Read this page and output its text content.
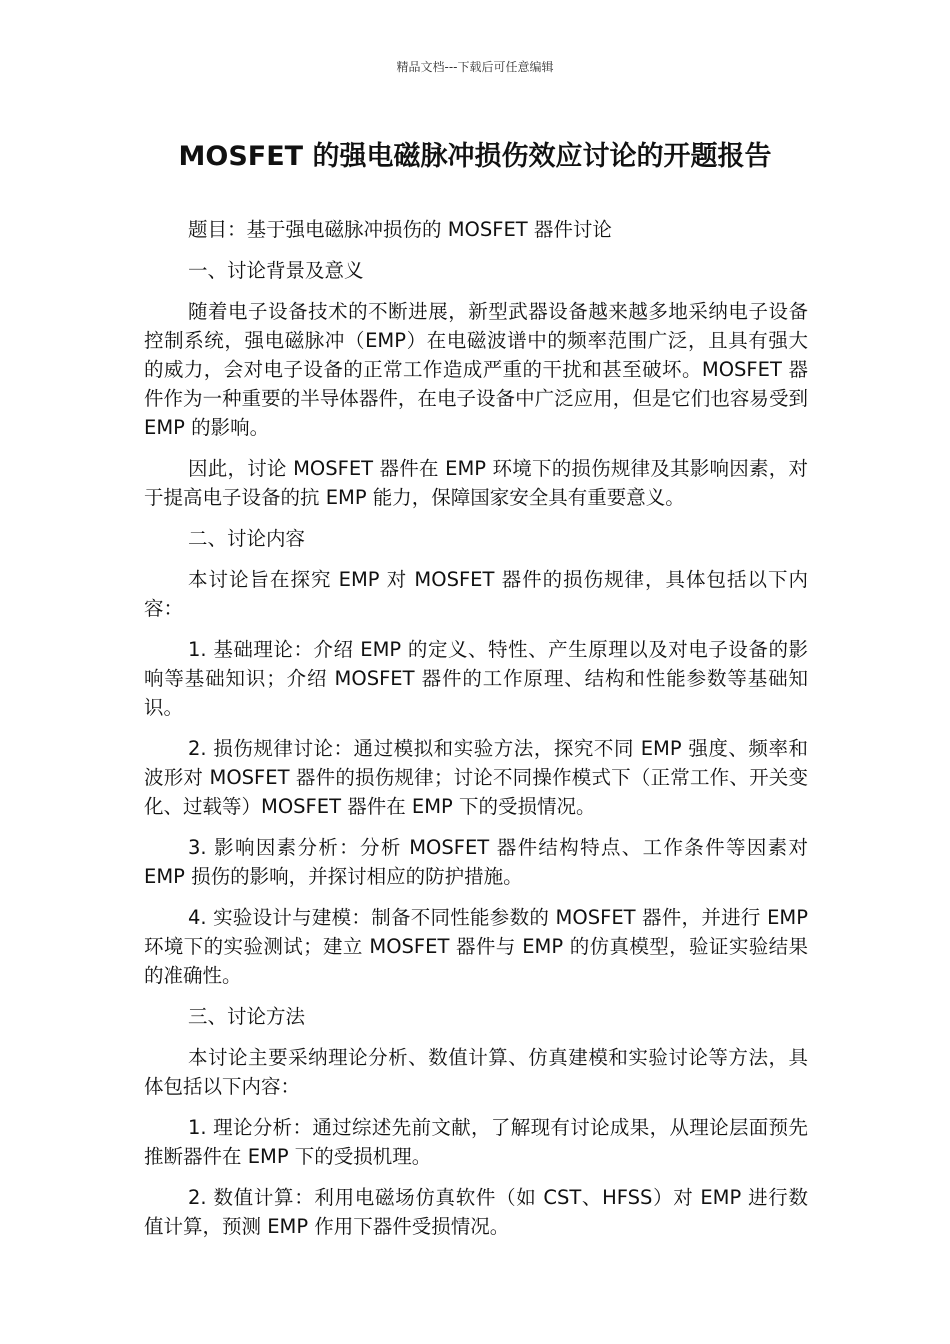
精品文档---下载后可任意编辑
MOSFET 的强电磁脉冲损伤效应讨论的开题报告

题目：基于强电磁脉冲损伤的 MOSFET 器件讨论

一、讨论背景及意义

随着电子设备技术的不断进展，新型武器设备越来越多地采纳电子设备控制系统，强电磁脉冲（EMP）在电磁波谱中的频率范围广泛，且具有强大的威力，会对电子设备的正常工作造成严重的干扰和甚至破坏。MOSFET 器件作为一种重要的半导体器件，在电子设备中广泛应用，但是它们也容易受到 EMP 的影响。

因此，讨论 MOSFET 器件在 EMP 环境下的损伤规律及其影响因素，对于提高电子设备的抗 EMP 能力，保障国家安全具有重要意义。

二、讨论内容

本讨论旨在探究 EMP 对 MOSFET 器件的损伤规律，具体包括以下内容：

1. 基础理论：介绍 EMP 的定义、特性、产生原理以及对电子设备的影响等基础知识；介绍 MOSFET 器件的工作原理、结构和性能参数等基础知识。

2. 损伤规律讨论：通过模拟和实验方法，探究不同 EMP 强度、频率和波形对 MOSFET 器件的损伤规律；讨论不同操作模式下（正常工作、开关变化、过载等）MOSFET 器件在 EMP 下的受损情况。

3. 影响因素分析：分析 MOSFET 器件结构特点、工作条件等因素对 EMP 损伤的影响，并探讨相应的防护措施。

4. 实验设计与建模：制备不同性能参数的 MOSFET 器件，并进行 EMP 环境下的实验测试；建立 MOSFET 器件与 EMP 的仿真模型，验证实验结果的准确性。

三、讨论方法

本讨论主要采纳理论分析、数值计算、仿真建模和实验讨论等方法，具体包括以下内容：

1. 理论分析：通过综述先前文献，了解现有讨论成果，从理论层面预先推断器件在 EMP 下的受损机理。

2. 数值计算：利用电磁场仿真软件（如 CST、HFSS）对 EMP 进行数值计算，预测 EMP 作用下器件受损情况。
